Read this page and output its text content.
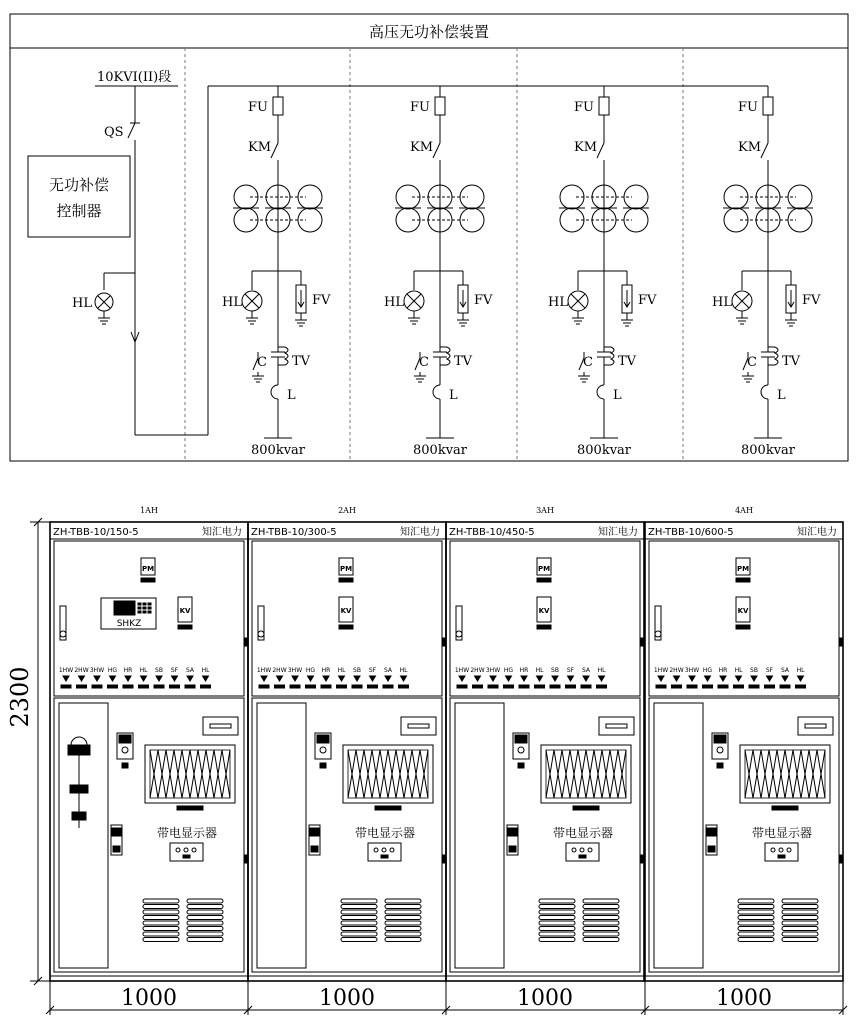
高压无功补偿装置
10KVI(II)段
QS
无功补偿
控制器
HL
FU
KM
HL	FV
C TV
L
800kvar
FU
KM
HL	FV
C TV
L
800kvar
FU
KM
HL	FV
C TV
L
800kvar
FU
KM
HL	FV
C TV
L
800kvar
2300	1HW 2HW 3HW HG HR HL SB SF SA HL
1AH
ZH-TBB-10/150-5	知汇电力
PM
KV
SHKZ
带电显示器
1000
1HW 2HW 3HW HG HR HL SB SF SA HL
2AH
ZH-TBB-10/300-5	知汇电力
PM
KV
带电显示器
1000
1HW 2HW 3HW HG HR HL SB SF SA HL
3AH
ZH-TBB-10/450-5	知汇电力
PM
KV
带电显示器
1000
1HW 2HW 3HW HG HR HL SB SF SA HL
4AH
ZH-TBB-10/600-5	知汇电力
PM
KV
带电显示器
1000
